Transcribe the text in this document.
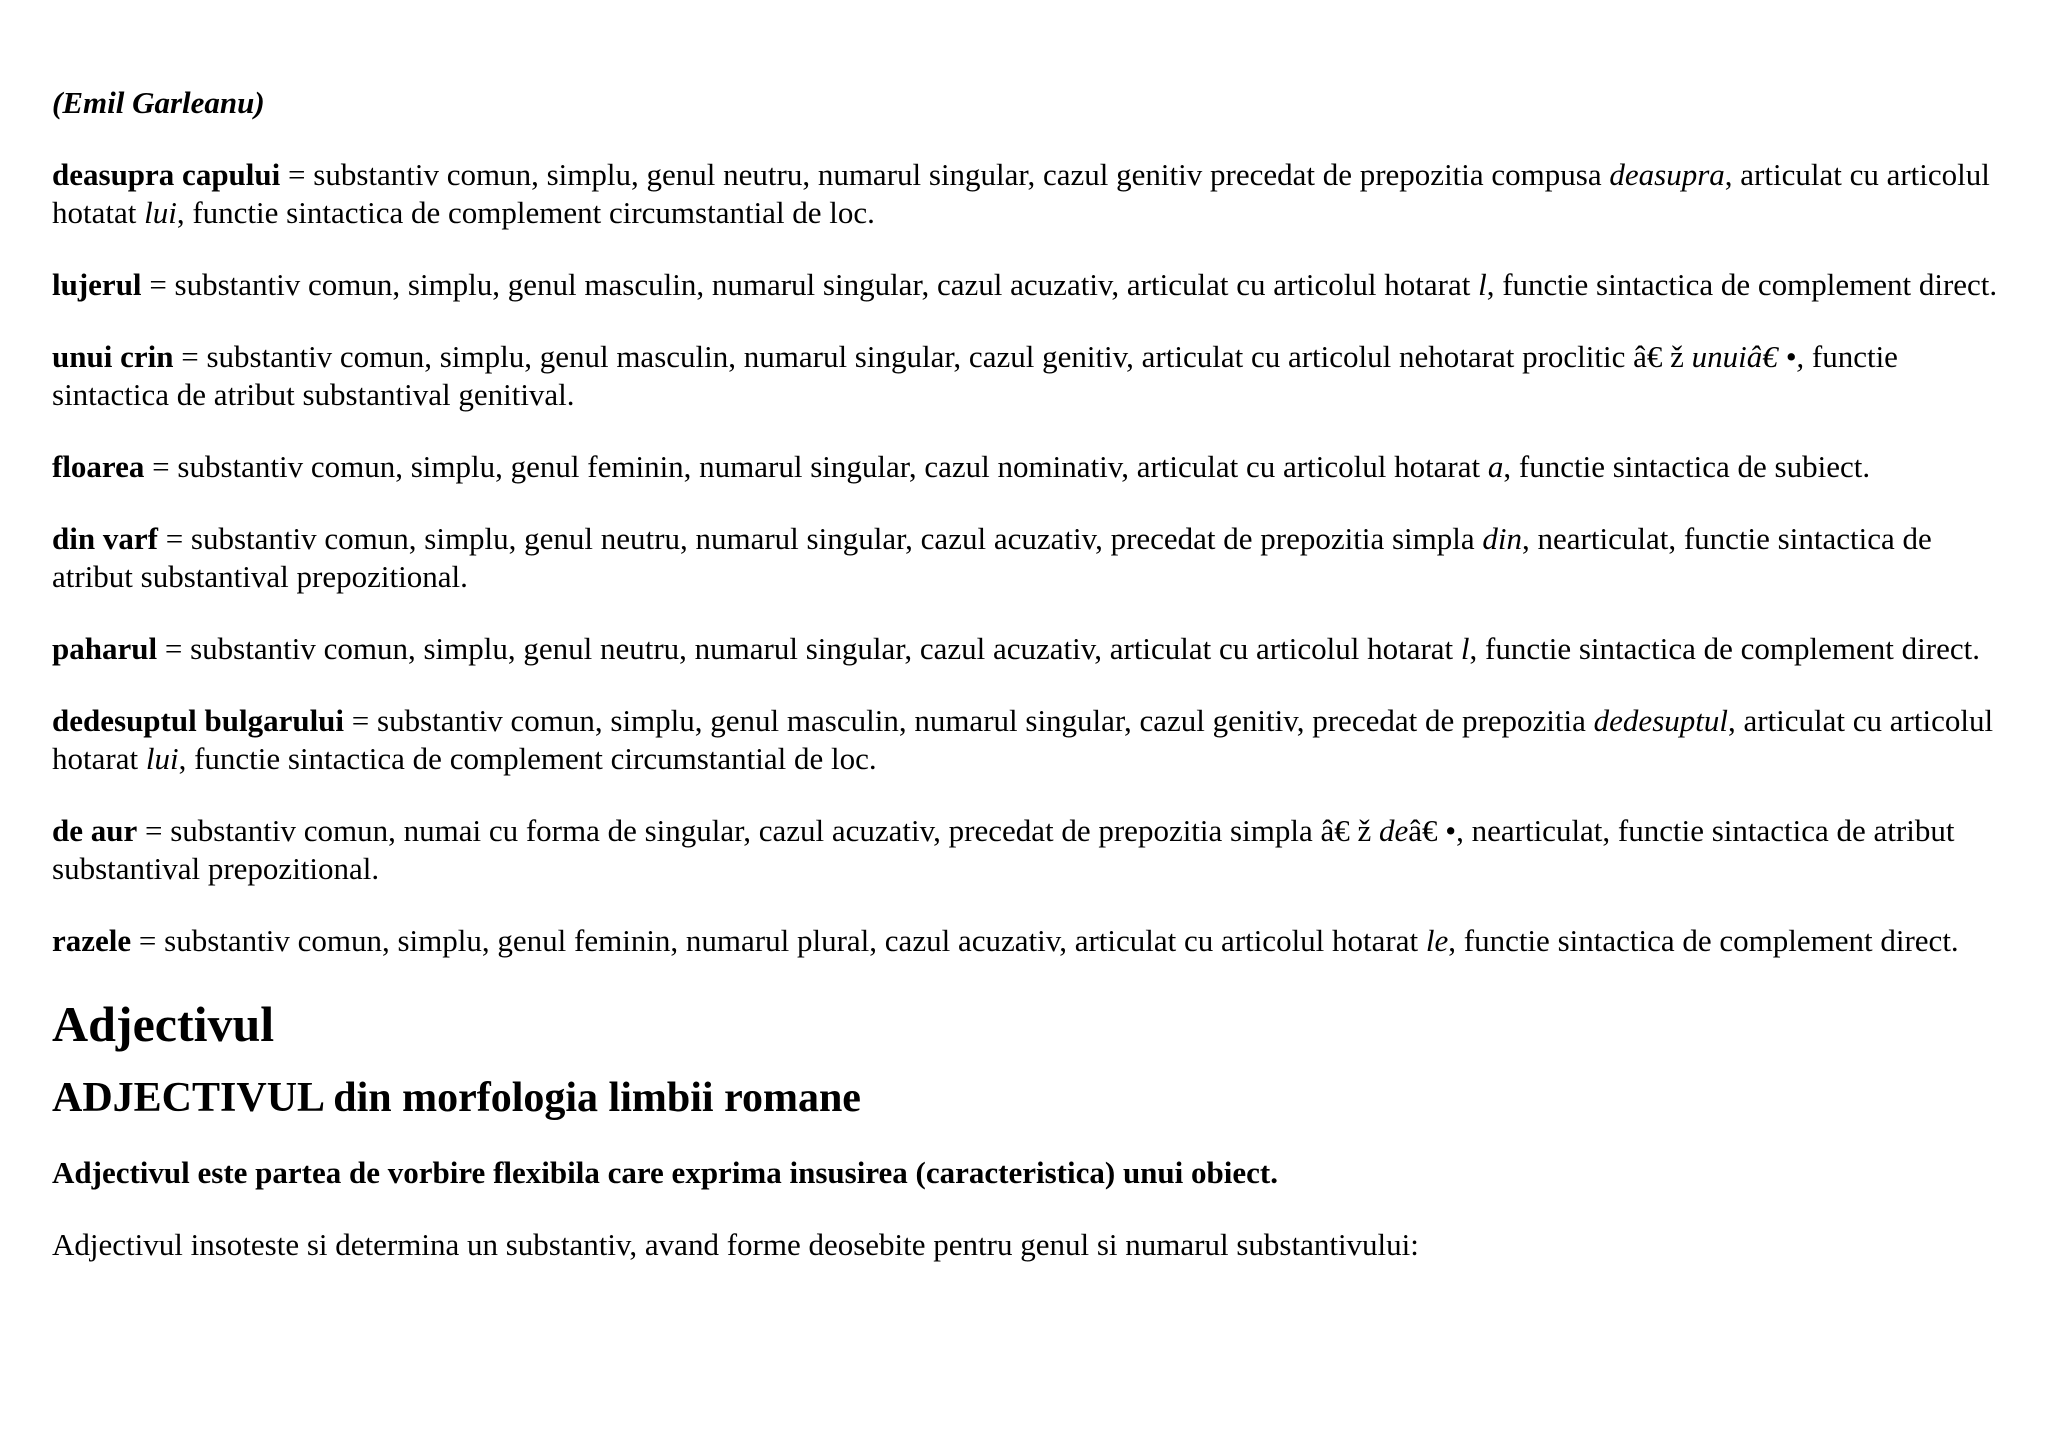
(Emil Garleanu)

deasupra capului = substantiv comun, simplu, genul neutru, numarul singular, cazul genitiv precedat de prepozitia compusa deasupra, articulat cu articolul hotatat lui, functie sintactica de complement circumstantial de loc.

lujerul = substantiv comun, simplu, genul masculin, numarul singular, cazul acuzativ, articulat cu articolul hotarat l, functie sintactica de complement direct.

unui crin = substantiv comun, simplu, genul masculin, numarul singular, cazul genitiv, articulat cu articolul nehotarat proclitic â€ ž unuiâ€ •, functie sintactica de atribut substantival genitival.

floarea = substantiv comun, simplu, genul feminin, numarul singular, cazul nominativ, articulat cu articolul hotarat a, functie sintactica de subiect.

din varf = substantiv comun, simplu, genul neutru, numarul singular, cazul acuzativ, precedat de prepozitia simpla din, nearticulat, functie sintactica de atribut substantival prepozitional.

paharul = substantiv comun, simplu, genul neutru, numarul singular, cazul acuzativ, articulat cu articolul hotarat l, functie sintactica de complement direct.

dedesuptul bulgarului = substantiv comun, simplu, genul masculin, numarul singular, cazul genitiv, precedat de prepozitia dedesuptul, articulat cu articolul hotarat lui, functie sintactica de complement circumstantial de loc.

de aur = substantiv comun, numai cu forma de singular, cazul acuzativ, precedat de prepozitia simpla â€ ž deâ€ •, nearticulat, functie sintactica de atribut substantival prepozitional.

razele = substantiv comun, simplu, genul feminin, numarul plural, cazul acuzativ, articulat cu articolul hotarat le, functie sintactica de complement direct.

Adjectivul
ADJECTIVUL din morfologia limbii romane

Adjectivul este partea de vorbire flexibila care exprima insusirea (caracteristica) unui obiect.

Adjectivul insoteste si determina un substantiv, avand forme deosebite pentru genul si numarul substantivului:
